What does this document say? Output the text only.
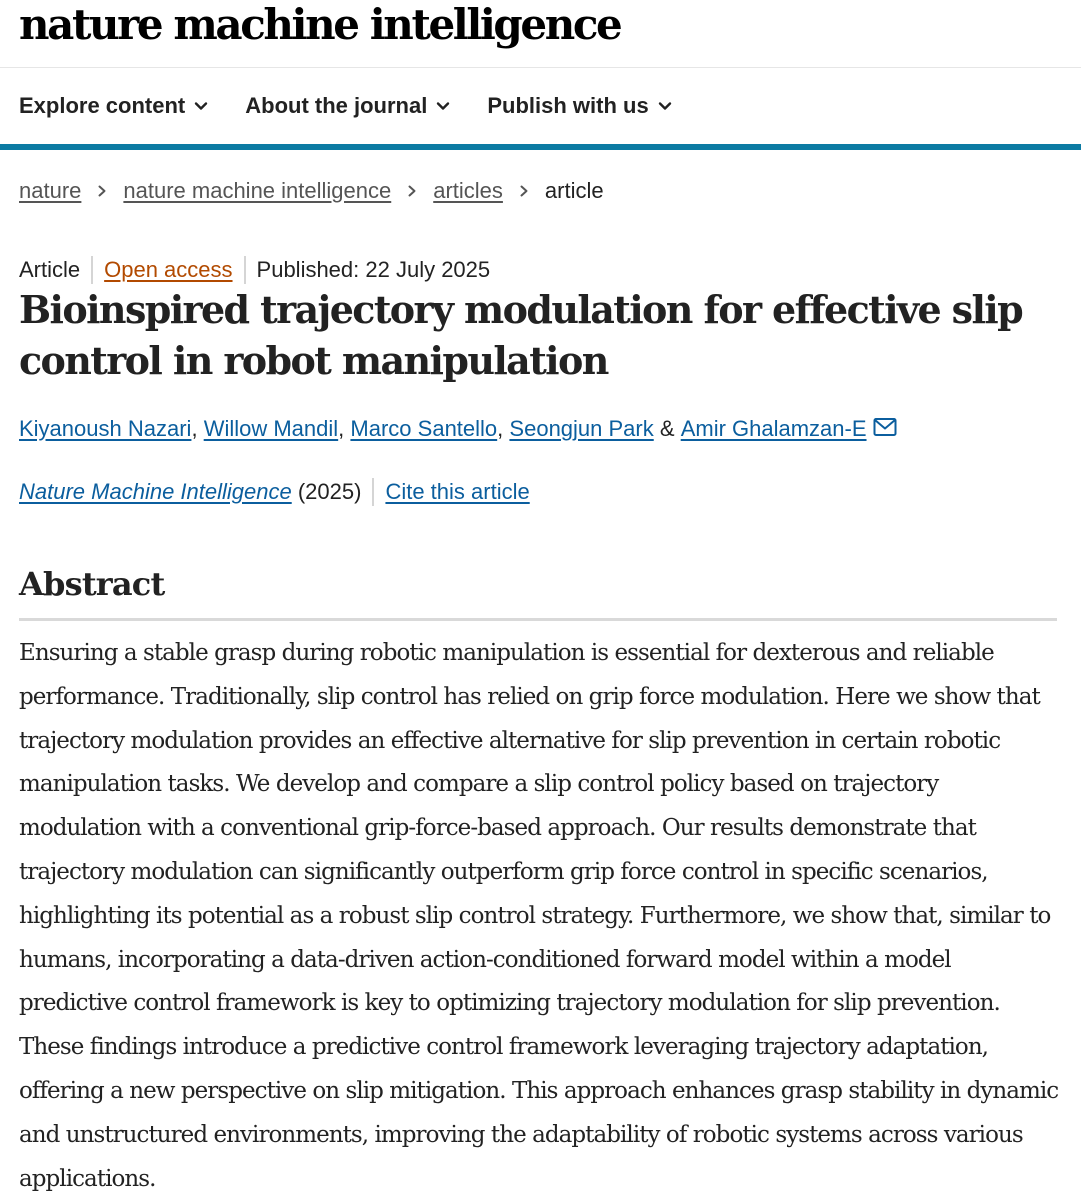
nature machine intelligence
Explore content	About the journal	Publish with us
nature nature machine intelligence articles article
Article Open access Published: 22 July 2025
Bioinspired trajectory modulation for effective slip control in robot manipulation
Kiyanoush Nazari ,
Willow Mandil ,
Marco Santello ,
Seongjun Park
&
Amir Ghalamzan-E
Nature Machine Intelligence
(2025) Cite this article
Abstract

Ensuring a stable grasp during robotic manipulation is essential for dexterous and reliable performance. Traditionally, slip control has relied on grip force modulation. Here we show that trajectory modulation provides an effective alternative for slip prevention in certain robotic manipulation tasks. We develop and compare a slip control policy based on trajectory modulation with a conventional grip-force-based approach. Our results demonstrate that trajectory modulation can significantly outperform grip force control in specific scenarios, highlighting its potential as a robust slip control strategy. Furthermore, we show that, similar to humans, incorporating a data-driven action-conditioned forward model within a model predictive control framework is key to optimizing trajectory modulation for slip prevention. These findings introduce a predictive control framework leveraging trajectory adaptation, offering a new perspective on slip mitigation. This approach enhances grasp stability in dynamic and unstructured environments, improving the adaptability of robotic systems across various applications.
